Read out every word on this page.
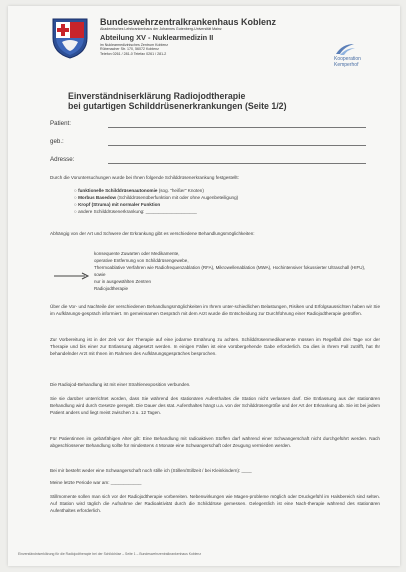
Bundeswehrzentralkrankenhaus Koblenz
Akademisches Lehrkrankenhaus der Johannes Gutenberg-Universität Mainz
Abteilung XV - Nuklearmedizin II
im Nuklearmedizinisches Zentrum Koblenz
Rübenacher Str. 170, 56072 Koblenz
Telefon 0261 / 281-0 Telefax 0261 / 281-2
Kooperation
Kemperhof
Einverständniserklärung Radiojodtherapie
bei gutartigen Schilddrüsenerkrankungen (Seite 1/2)
Patient:
geb.:
Adresse:
Durch die Voruntersuchungen wurde bei Ihnen folgende Schilddrüsenerkrankung festgestellt:
○ funktionelle Schilddrüsenautonomie (sog. "heißer" Knoten)
○ Morbus Basedow (Schilddrüsenüberfunktion mit oder ohne Augenbeteiligung)
○ Kropf (Struma) mit normaler Funktion
○ andere Schilddrüsenerkrankung: ____________________
Abhängig von der Art und Schwere der Erkrankung gibt es verschiedene Behandlungsmöglichkeiten:
konsequente Zuwarten oder Medikamente,
operative Entfernung von Schilddrüsengewebe,
Thermoablative Verfahren wie Radiofrequenzablation (RFA), Mikrowellenablation (MWA), Hochintensiver fokussierter Ultraschall (HIFU), sowie
nur in ausgewählten Zentren
Radiojodtherapie
Über die Vor- und Nachteile der verschiedenen Behandlungsmöglichkeiten im Ihrem unter-schiedlichen Belastungen, Risiken und Erfolgsaussichten haben wir Sie im Aufklärungs-gespräch informiert. Im gemeinsamen Gespräch mit dem Arzt wurde die Entscheidung zur Durchführung einer Radiojodtherapie getroffen.
Zur Vorbereitung ist in der Zeit vor der Therapie auf eine jodarme Ernährung zu achten. Schilddrüsenmedikamente müssen im Regelfall drei Tage vor der Therapie und bis einer zur Entlassung abgesetzt werden. In einigen Fällen ist eine vorübergehende Gabe erforderlich. Da dies in Ihrem Fall zutrifft, hat Ihr behandelnder Arzt mit Ihnen im Rahmen des Aufklärungsgespräches besprochen.
Die Radiojod-Behandlung ist mit einer Strahlenexposition verbunden.
Sie sie darüber unterrichtet worden, dass Sie während des stationären Aufenthaltes die Station nicht verlassen darf. Die Entlassung aus der stationären Behandlung wird durch Gesetze geregelt. Die Dauer des stat. Aufenthaltes hängt u.a. von der Schilddrüsengröße und der Art der Erkrankung ab. Sie ist bei jedem Patient anders und liegt meist zwischen 3 u. 12 Tagen.
Für Patientinnen im gebärfähigen Alter gilt: Eine Behandlung mit radioaktiven Stoffen darf während einer Schwangerschaft nicht durchgeführt werden. Nach abgeschlossener Behandlung sollte für mindestens 4 Monate eine Schwangerschaft oder Zeugung vermieden werden.
Bei mir besteht weder eine Schwangerschaft noch stille ich (Stillen/Stillzeit / bei Kleinkindern): ____
Meine letzte Periode war am: ____________
Stillmomente sollen man sich vor der Radiojodtherapie vorbereiten. Nebenwirkungen wie Magen-probleme möglich oder Druckgefühl im Halsbereich sind selten. Auf Station wird täglich die Aufnahme der Radioaktivität durch die Schilddrüse gemessen. Gelegentlich ist eine Nach-therapie während des stationären Aufenthaltes erforderlich.
Einverständniserklärung für die Radiojodtherapie bei der Schilddrüse – Seite 1 – Bundeswehrzentralkrankenhaus Koblenz
